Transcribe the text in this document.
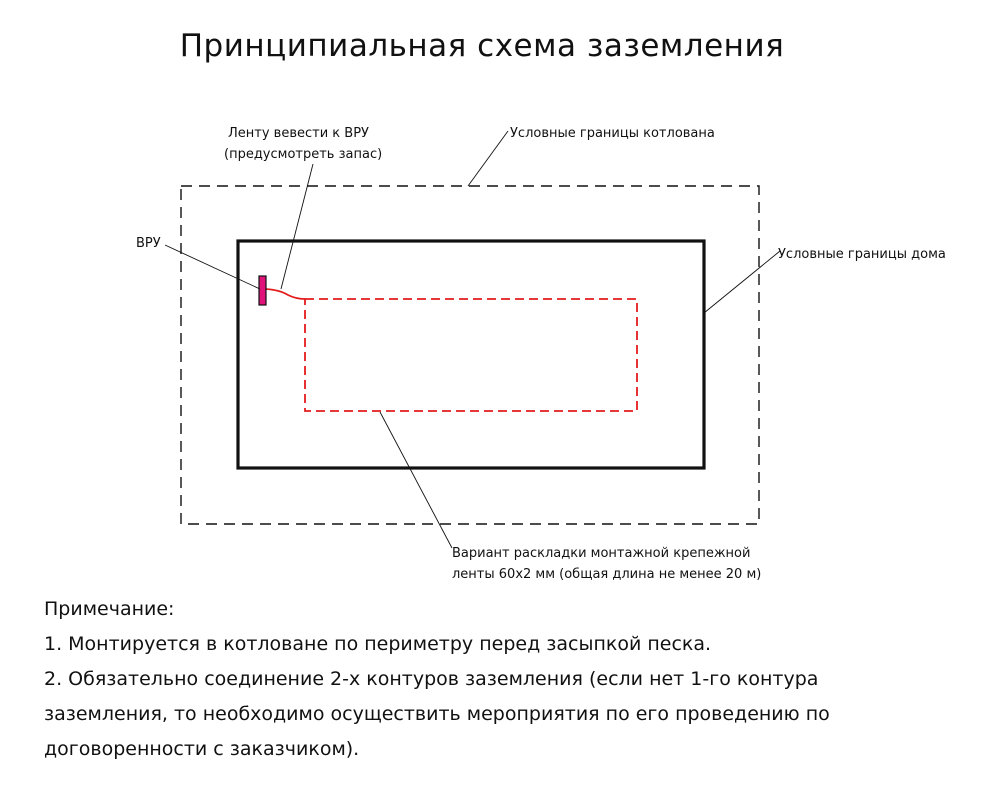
Принципиальная схема заземления
ВРУ
Ленту вевести к ВРУ
(предусмотреть запас)
Условные границы котлована
Условные границы дома
Вариант раскладки монтажной крепежной
ленты 60х2 мм (общая длина не менее 20 м)
Примечание:
1. Монтируется в котловане по периметру перед засыпкой песка.
2. Обязательно соединение 2-х контуров заземления (если нет 1-го контура
заземления, то необходимо осуществить мероприятия по его проведению по
договоренности с заказчиком).
